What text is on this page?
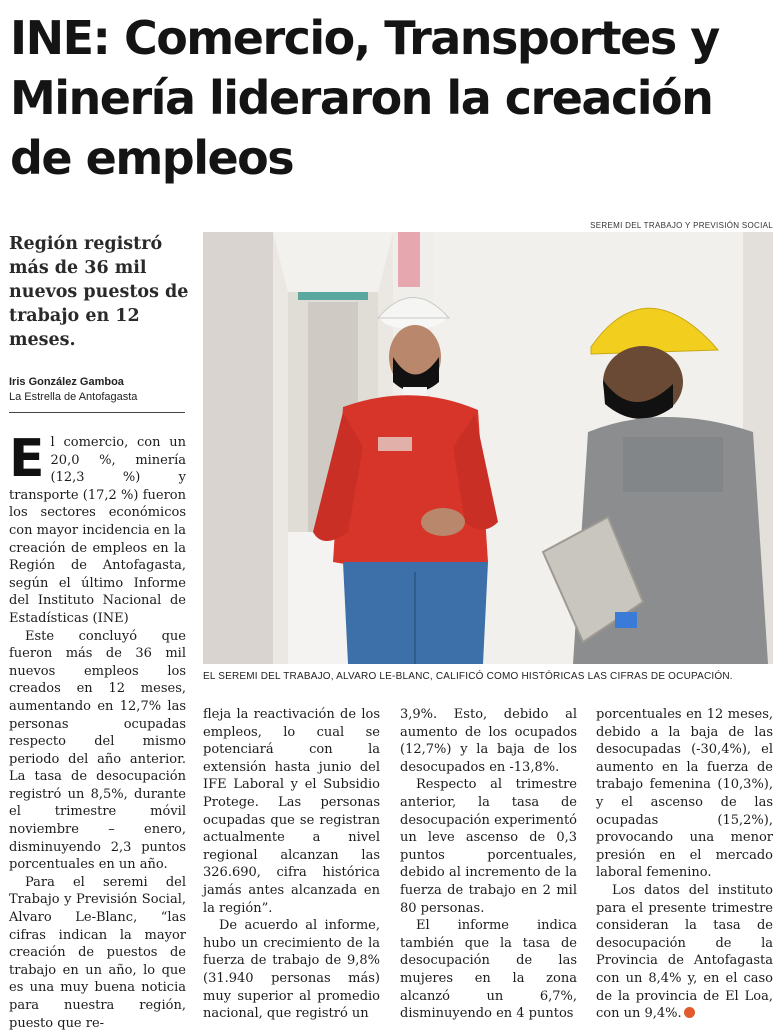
INE: Comercio, Transportes y Minería lideraron la creación de empleos
SEREMI DEL TRABAJO Y PREVISIÓN SOCIAL
Región registró más de 36 mil nuevos puestos de trabajo en 12 meses.
Iris González Gamboa
La Estrella de Antofagasta
EL SEREMI DEL TRABAJO, ALVARO LE-BLANC, CALIFICÓ COMO HISTÓRICAS LAS CIFRAS DE OCUPACIÓN.
E l comercio, con un 20,0 %, minería (12,3 %) y transporte (17,2 %) fueron los sectores económicos con mayor incidencia en la creación de empleos en la Región de Antofagasta, según el último Informe del Instituto Nacional de Estadísticas (INE)

Este concluyó que fueron más de 36 mil nuevos empleos los creados en 12 meses, aumentando en 12,7% las personas ocupadas respecto del mismo periodo del año anterior. La tasa de desocupación registró un 8,5%, durante el trimestre móvil noviembre – enero, disminuyendo 2,3 puntos porcentuales en un año.

Para el seremi del Trabajo y Previsión Social, Alvaro Le-Blanc, “las cifras indican la mayor creación de puestos de trabajo en un año, lo que es una muy buena noticia para nuestra región, puesto que re-

fleja la reactivación de los empleos, lo cual se potenciará con la extensión hasta junio del IFE Laboral y el Subsidio Protege. Las personas ocupadas que se registran actualmente a nivel regional alcanzan las 326.690, cifra histórica jamás antes alcanzada en la región”.

De acuerdo al informe, hubo un crecimiento de la fuerza de trabajo de 9,8% (31.940 personas más) muy superior al promedio nacional, que registró un

3,9%. Esto, debido al aumento de los ocupados (12,7%) y la baja de los desocupados en -13,8%.

Respecto al trimestre anterior, la tasa de desocupación experimentó un leve ascenso de 0,3 puntos porcentuales, debido al incremento de la fuerza de trabajo en 2 mil 80 personas.

El informe indica también que la tasa de desocupación de las mujeres en la zona alcanzó un 6,7%, disminuyendo en 4 puntos

porcentuales en 12 meses, debido a la baja de las desocupadas (-30,4%), el aumento en la fuerza de trabajo femenina (10,3%), y el ascenso de las ocupadas (15,2%), provocando una menor presión en el mercado laboral femenino.

Los datos del instituto para el presente trimestre consideran la tasa de desocupación de la Provincia de Antofagasta con un 8,4% y, en el caso de la provincia de El Loa, con un 9,4%.
